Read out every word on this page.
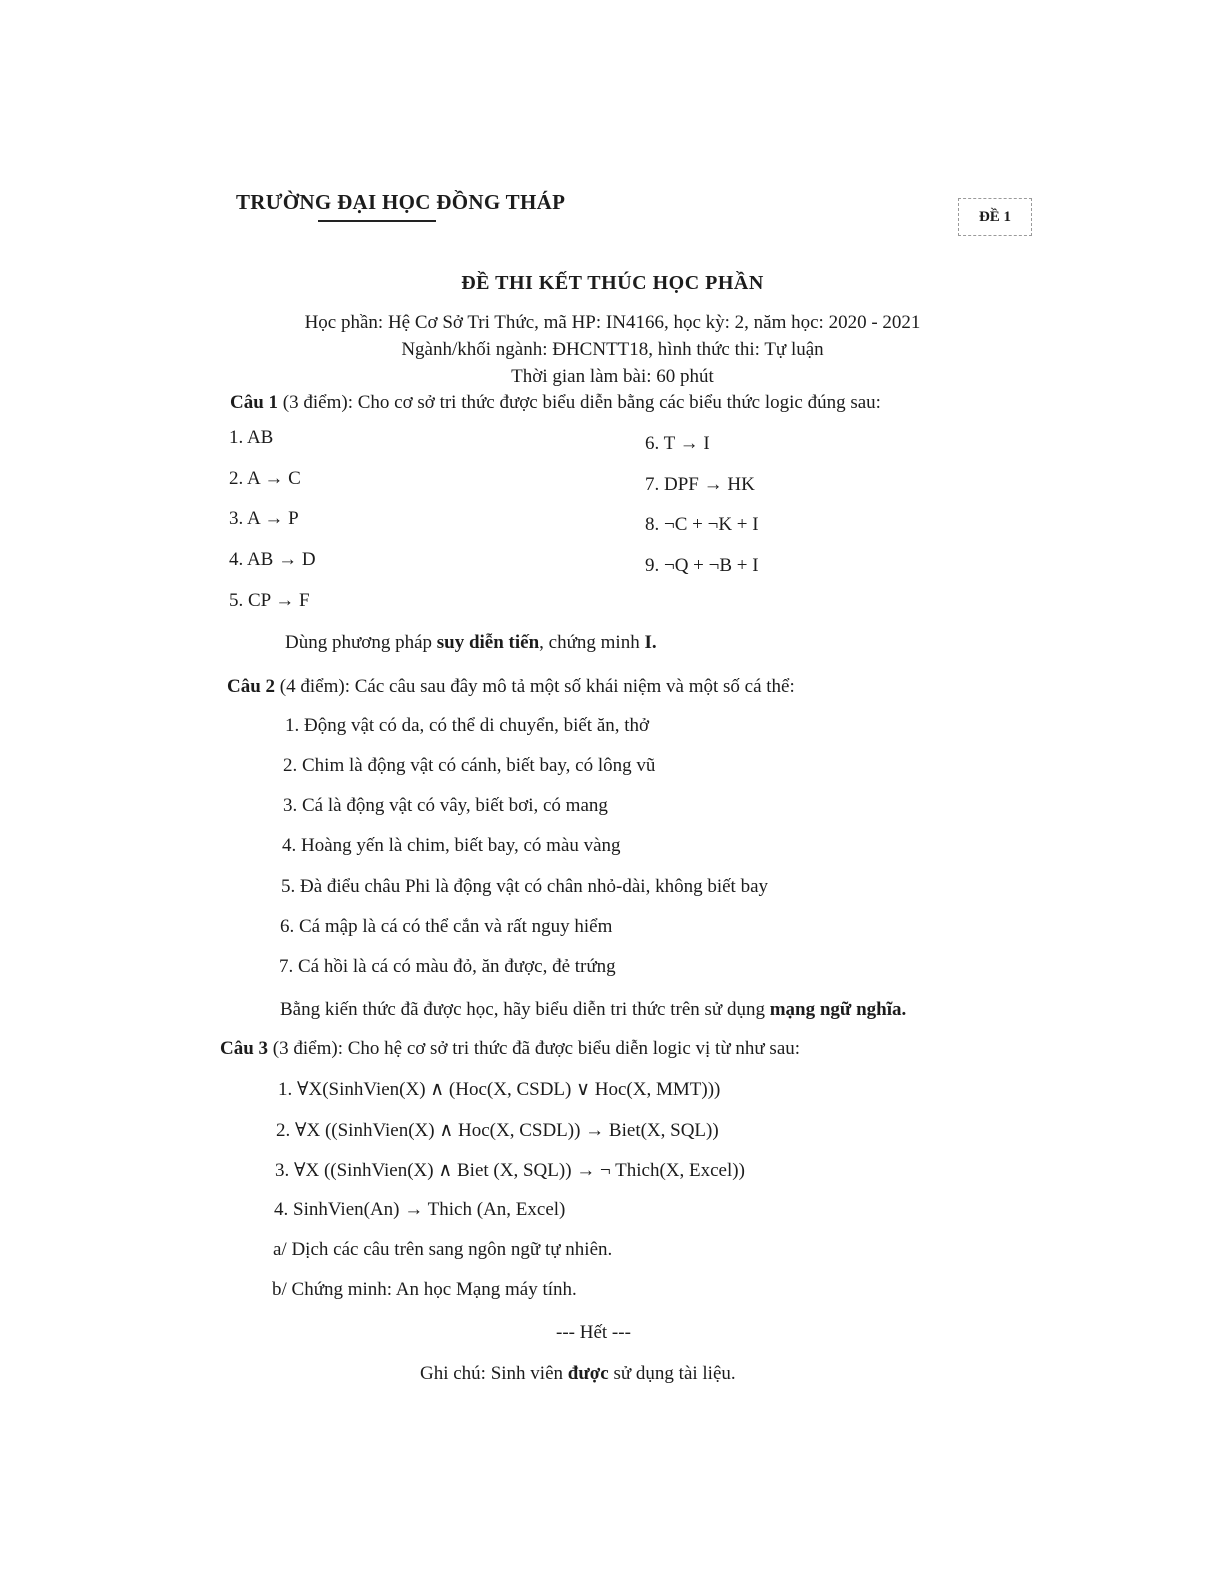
TRƯỜNG ĐẠI HỌC ĐỒNG THÁP
ĐỀ 1
ĐỀ THI KẾT THÚC HỌC PHẦN
Học phần: Hệ Cơ Sở Tri Thức, mã HP: IN4166, học kỳ: 2, năm học: 2020 - 2021
Ngành/khối ngành: ĐHCNTT18, hình thức thi: Tự luận
Thời gian làm bài: 60 phút
Câu 1 (3 điểm): Cho cơ sở tri thức được biểu diễn bằng các biểu thức logic đúng sau:
1. AB
2. A → C
3. A → P
4. AB → D
5. CP → F
6. T → I
7. DPF → HK
8. ¬C + ¬K + I
9. ¬Q + ¬B + I
Dùng phương pháp suy diễn tiến, chứng minh I.
Câu 2 (4 điểm): Các câu sau đây mô tả một số khái niệm và một số cá thể:
1. Động vật có da, có thể di chuyển, biết ăn, thở
2. Chim là động vật có cánh, biết bay, có lông vũ
3. Cá là động vật có vây, biết bơi, có mang
4. Hoàng yến là chim, biết bay, có màu vàng
5. Đà điểu châu Phi là động vật có chân nhỏ-dài, không biết bay
6. Cá mập là cá có thể cắn và rất nguy hiểm
7. Cá hồi là cá có màu đỏ, ăn được, đẻ trứng
Bằng kiến thức đã được học, hãy biểu diễn tri thức trên sử dụng mạng ngữ nghĩa.
Câu 3 (3 điểm): Cho hệ cơ sở tri thức đã được biểu diễn logic vị từ như sau:
1. ∀X(SinhVien(X) ∧ (Hoc(X, CSDL) ∨ Hoc(X, MMT)))
2. ∀X ((SinhVien(X) ∧ Hoc(X, CSDL)) → Biet(X, SQL))
3. ∀X ((SinhVien(X) ∧ Biet (X, SQL)) → ¬ Thich(X, Excel))
4. SinhVien(An) → Thich (An, Excel)
a/ Dịch các câu trên sang ngôn ngữ tự nhiên.
b/ Chứng minh: An học Mạng máy tính.
--- Hết ---
Ghi chú: Sinh viên được sử dụng tài liệu.
